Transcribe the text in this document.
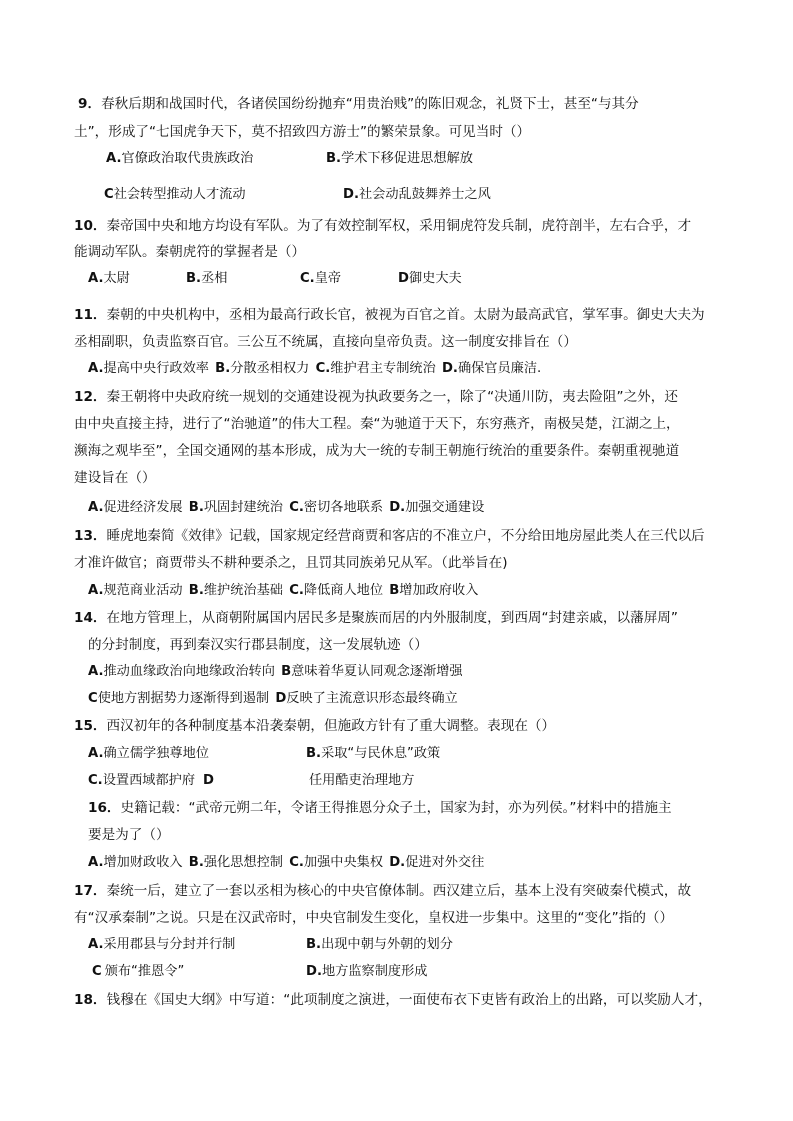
9．春秋后期和战国时代，各诸侯国纷纷抛弃“用贵治贱”的陈旧观念，礼贤下士，甚至“与其分
土”，形成了“七国虎争天下，莫不招致四方游士”的繁荣景象。可见当时（）
A.官僚政治取代贵族政治	B.学术下移促进思想解放
C社会转型推动人才流动	D.社会动乱鼓舞养士之风
10．秦帝国中央和地方均设有军队。为了有效控制军权，采用铜虎符发兵制，虎符剖半，左右合乎，才
能调动军队。秦朝虎符的掌握者是（）
A.太尉	B.丞相	C.皇帝	D御史大夫
11．秦朝的中央机构中，丞相为最高行政长官，被视为百官之首。太尉为最高武官，掌军事。御史大夫为
丞相副职，负责监察百官。三公互不统属，直接向皇帝负责。这一制度安排旨在（）
A.提高中央行政效率 B.分散丞相权力 C.维护君主专制统治 D.确保官员廉洁.
12．秦王朝将中央政府统一规划的交通建设视为执政要务之一，除了“决通川防，夷去险阻”之外，还
由中央直接主持，进行了“治驰道”的伟大工程。秦“为驰道于天下，东穷燕齐，南极吴楚，江湖之上，
濒海之观毕至”，全国交通网的基本形成，成为大一统的专制王朝施行统治的重要条件。秦朝重视驰道
建设旨在（）
A.促进经济发展 B.巩固封建统治 C.密切各地联系 D.加强交通建设
13．睡虎地秦简《效律》记载，国家规定经营商贾和客店的不准立户，不分给田地房屋此类人在三代以后
才准许做官；商贾带头不耕种要杀之，且罚其同族弟兄从军。（此举旨在)
A.规范商业活动 B.维护统治基础 C.降低商人地位 B增加政府收入
14．在地方管理上，从商朝附属国内居民多是聚族而居的内外服制度，到西周“封建亲戚，以藩屏周”
的分封制度，再到秦汉实行郡县制度，这一发展轨迹（）
A.推动血缘政治向地缘政治转向 B意味着华夏认同观念逐渐增强
C使地方割据势力逐渐得到遏制 D反映了主流意识形态最终确立
15．西汉初年的各种制度基本沿袭秦朝，但施政方针有了重大调整。表现在（）
A.确立儒学独尊地位	B.采取“与民休息”政策
C.设置西域都护府 D	任用酷吏治理地方
16．史籍记载：“武帝元朔二年，令诸王得推恩分众子土，国家为封，亦为列侯。”材料中的措施主
要是为了（）
A.增加财政收入 B.强化思想控制 C.加强中央集权 D.促进对外交往
17．秦统一后，建立了一套以丞相为核心的中央官僚体制。西汉建立后，基本上没有突破秦代模式，故
有“汉承秦制”之说。只是在汉武帝时，中央官制发生变化，皇权进一步集中。这里的“变化”指的（）
A.采用郡县与分封并行制	B.出现中朝与外朝的划分
C 颁布“推恩令”	D.地方监察制度形成
18．钱穆在《国史大纲》中写道：“此项制度之演进，一面使布衣下吏皆有政治上的出路，可以奖励人才，
